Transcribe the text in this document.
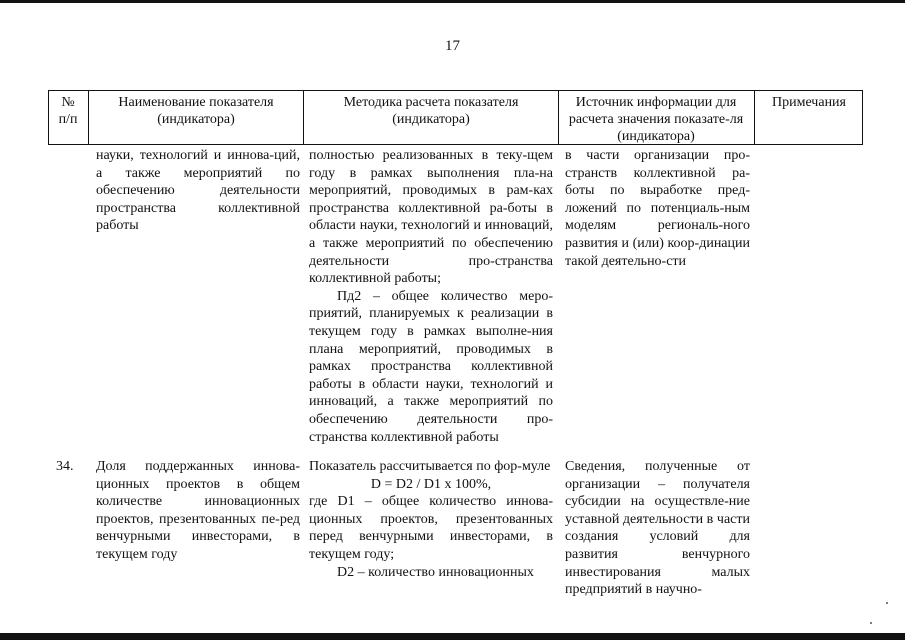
17
№
п/п
Наименование показателя
(индикатора)
Методика расчета показателя
(индикатора)
Источник информации для расчета значения показате-ля (индикатора)
Примечания
науки, технологий и иннова-ций, а также мероприятий по обеспечению деятельности пространства коллективной работы
полностью реализованных в теку-щем году в рамках выполнения пла-на мероприятий, проводимых в рам-ках пространства коллективной ра-боты в области науки, технологий и инноваций, а также мероприятий по обеспечению деятельности про-странства коллективной работы;
Пд2 – общее количество меро-приятий, планируемых к реализации в текущем году в рамках выполне-ния плана мероприятий, проводимых в рамках пространства коллективной работы в области науки, технологий и инноваций, а также мероприятий по обеспечению деятельности про-странства коллективной работы
в части организации про-странств коллективной ра-боты по выработке пред-ложений по потенциаль-ным моделям региональ-ного развития и (или) коор-динации такой деятельно-сти
34.	Доля поддержанных иннова-ционных проектов в общем количестве инновационных проектов, презентованных пе-ред венчурными инвесторами, в текущем году
Показатель рассчитывается по фор-муле
D = D2 / D1 x 100%,
где D1 – общее количество иннова-ционных проектов, презентованных перед венчурными инвесторами, в текущем году;
D2 – количество инновационных
Сведения, полученные от организации – получателя субсидии на осуществле-ние уставной деятельности в части создания условий для развития венчурного инвестирования малых предприятий в научно-
